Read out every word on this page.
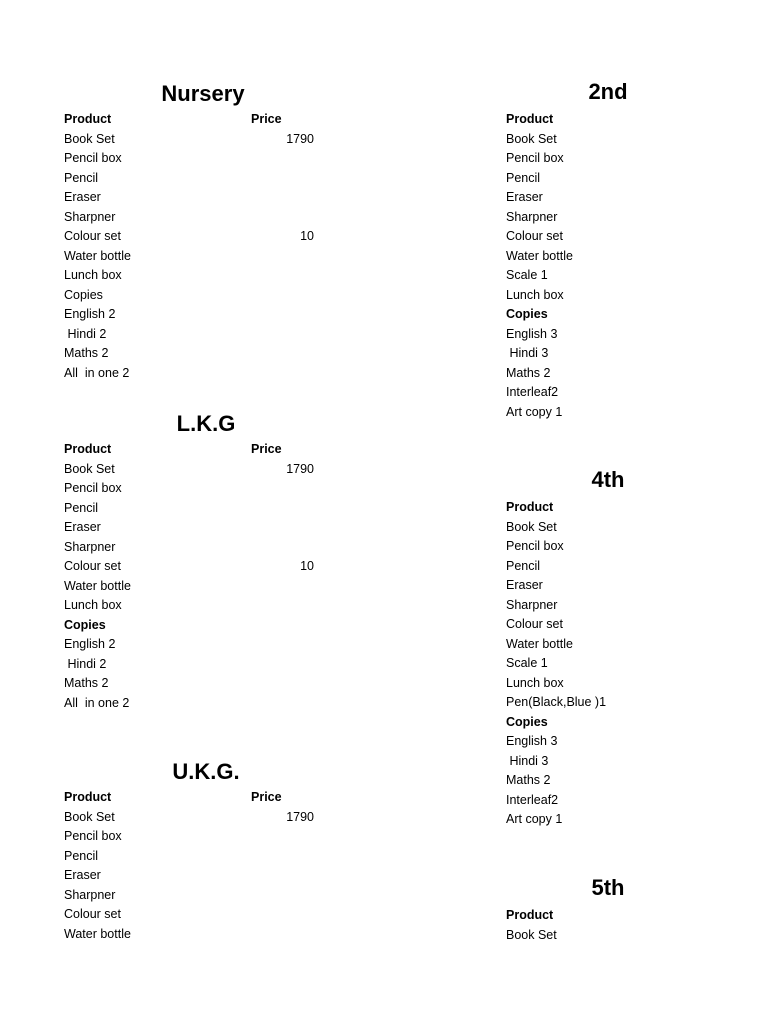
Nursery
Product	Price
Book Set	1790
Pencil box
Pencil
Eraser
Sharpner
Colour set	10
Water bottle
Lunch box
Copies
English 2
Hindi 2
Maths 2
All  in one 2
L.K.G
Product	Price
Book Set	1790
Pencil box
Pencil
Eraser
Sharpner
Colour set	10
Water bottle
Lunch box
Copies
English 2
Hindi 2
Maths 2
All  in one 2
U.K.G.
Product	Price
Book Set	1790
Pencil box
Pencil
Eraser
Sharpner
Colour set
Water bottle
2nd
Product
Book Set
Pencil box
Pencil
Eraser
Sharpner
Colour set
Water bottle
Scale 1
Lunch box
Copies
English 3
Hindi 3
Maths 2
Interleaf2
Art copy 1
4th
Product
Book Set
Pencil box
Pencil
Eraser
Sharpner
Colour set
Water bottle
Scale 1
Lunch box
Pen(Black,Blue )1
Copies
English 3
Hindi 3
Maths 2
Interleaf2
Art copy 1
5th
Product
Book Set
